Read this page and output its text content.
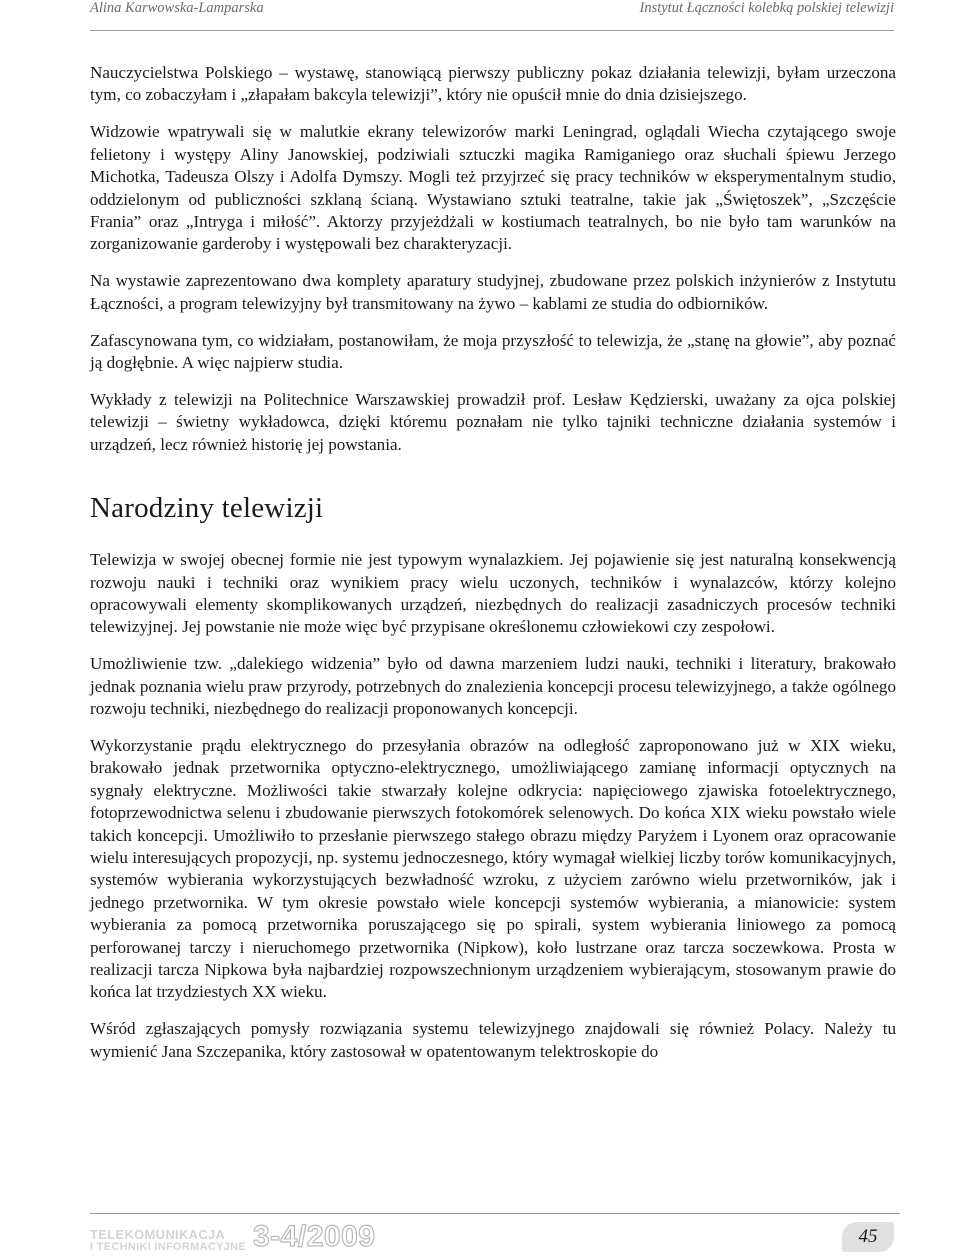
Alina Karwowska-Lamparska	Instytut Łączności kolebką polskiej telewizji

Nauczycielstwa Polskiego – wystawę, stanowiącą pierwszy publiczny pokaz działania telewizji, byłam urzeczona tym, co zobaczyłam i „złapałam bakcyla telewizji”, który nie opuścił mnie do dnia dzisiejszego.

Widzowie wpatrywali się w malutkie ekrany telewizorów marki Leningrad, oglądali Wiecha czytającego swoje felietony i występy Aliny Janowskiej, podziwiali sztuczki magika Ramiganiego oraz słuchali śpiewu Jerzego Michotka, Tadeusza Olszy i Adolfa Dymszy. Mogli też przyjrzeć się pracy techników w eksperymentalnym studio, oddzielonym od publiczności szklaną ścianą. Wystawiano sztuki teatralne, takie jak „Świętoszek”, „Szczęście Frania” oraz „Intryga i miłość”. Aktorzy przyjeżdżali w kostiumach teatralnych, bo nie było tam warunków na zorganizowanie garderoby i występowali bez charakteryzacji.

Na wystawie zaprezentowano dwa komplety aparatury studyjnej, zbudowane przez polskich inżynierów z Instytutu Łączności, a program telewizyjny był transmitowany na żywo – kablami ze studia do odbiorników.

Zafascynowana tym, co widziałam, postanowiłam, że moja przyszłość to telewizja, że „stanę na głowie”, aby poznać ją dogłębnie. A więc najpierw studia.

Wykłady z telewizji na Politechnice Warszawskiej prowadził prof. Lesław Kędzierski, uważany za ojca polskiej telewizji – świetny wykładowca, dzięki któremu poznałam nie tylko tajniki techniczne działania systemów i urządzeń, lecz również historię jej powstania.

Narodziny telewizji

Telewizja w swojej obecnej formie nie jest typowym wynalazkiem. Jej pojawienie się jest naturalną konsekwencją rozwoju nauki i techniki oraz wynikiem pracy wielu uczonych, techników i wynalazców, którzy kolejno opracowywali elementy skomplikowanych urządzeń, niezbędnych do realizacji zasadniczych procesów techniki telewizyjnej. Jej powstanie nie może więc być przypisane określonemu człowiekowi czy zespołowi.

Umożliwienie tzw. „dalekiego widzenia” było od dawna marzeniem ludzi nauki, techniki i literatury, brakowało jednak poznania wielu praw przyrody, potrzebnych do znalezienia koncepcji procesu telewizyjnego, a także ogólnego rozwoju techniki, niezbędnego do realizacji proponowanych koncepcji.

Wykorzystanie prądu elektrycznego do przesyłania obrazów na odległość zaproponowano już w XIX wieku, brakowało jednak przetwornika optyczno-elektrycznego, umożliwiającego zamianę informacji optycznych na sygnały elektryczne. Możliwości takie stwarzały kolejne odkrycia: napięciowego zjawiska fotoelektrycznego, fotoprzewodnictwa selenu i zbudowanie pierwszych fotokomórek selenowych. Do końca XIX wieku powstało wiele takich koncepcji. Umożliwiło to przesłanie pierwszego stałego obrazu między Paryżem i Lyonem oraz opracowanie wielu interesujących propozycji, np. systemu jednoczesnego, który wymagał wielkiej liczby torów komunikacyjnych, systemów wybierania wykorzystujących bezwładność wzroku, z użyciem zarówno wielu przetworników, jak i jednego przetwornika. W tym okresie powstało wiele koncepcji systemów wybierania, a mianowicie: system wybierania za pomocą przetwornika poruszającego się po spirali, system wybierania liniowego za pomocą perforowanej tarczy i nieruchomego przetwornika (Nipkow), koło lustrzane oraz tarcza soczewkowa. Prosta w realizacji tarcza Nipkowa była najbardziej rozpowszechnionym urządzeniem wybierającym, stosowanym prawie do końca lat trzydziestych XX wieku.

Wśród zgłaszających pomysły rozwiązania systemu telewizyjnego znajdowali się również Polacy. Należy tu wymienić Jana Szczepanika, który zastosował w opatentowanym telektroskopie do

TELEKOMUNIKACJA
I TECHNIKI INFORMACYJNE 3-4/2009	45
